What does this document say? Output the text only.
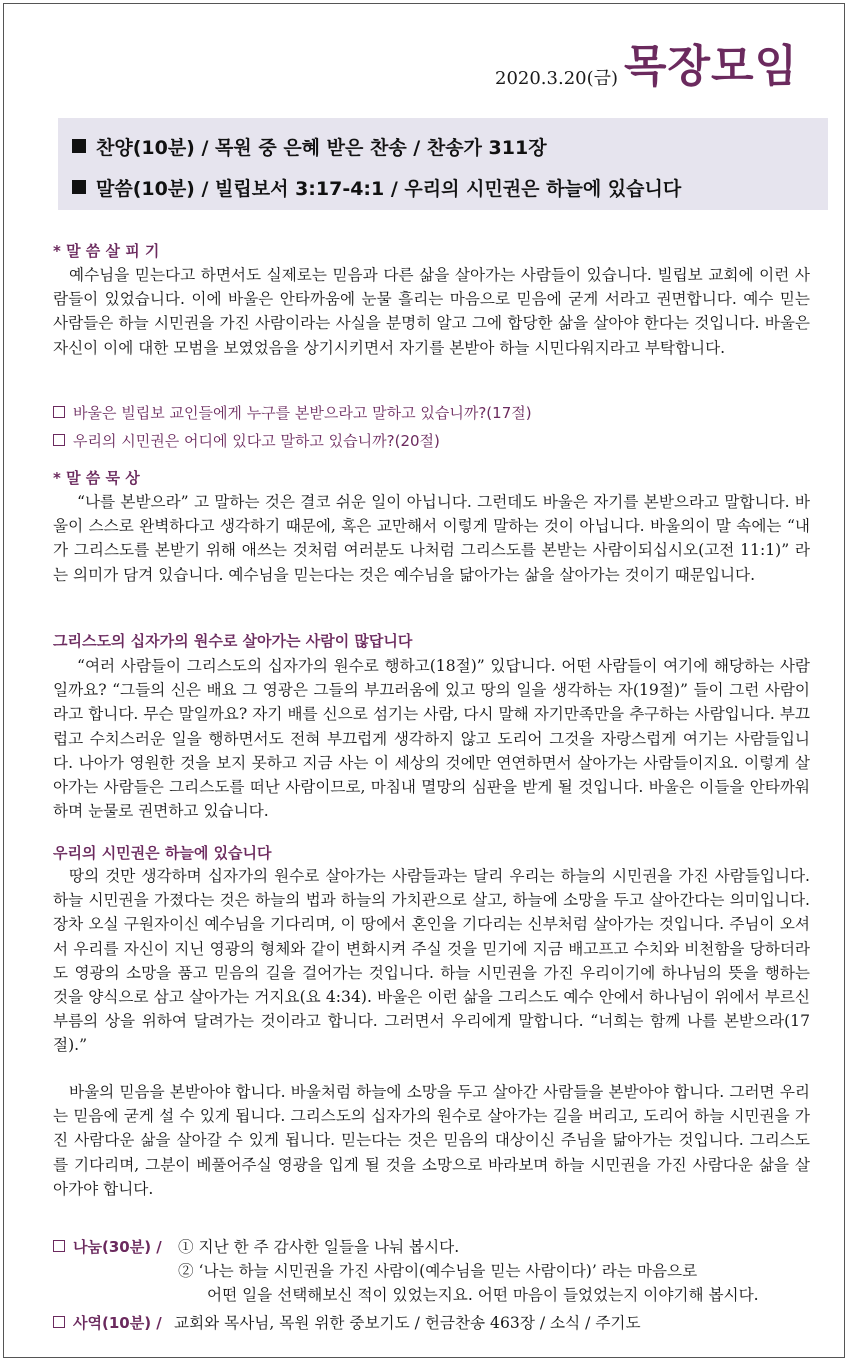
2020.3.20(금) 목장모임
찬양(10분) / 목원 중 은혜 받은 찬송 / 찬송가 311장
말씀(10분) / 빌립보서 3:17-4:1 / 우리의 시민권은 하늘에 있습니다
* 말 씀 살 피 기
예수님을 믿는다고 하면서도 실제로는 믿음과 다른 삶을 살아가는 사람들이 있습니다. 빌립보 교회에 이런 사람들이 있었습니다. 이에 바울은 안타까움에 눈물 흘리는 마음으로 믿음에 굳게 서라고 권면합니다. 예수 믿는 사람들은 하늘 시민권을 가진 사람이라는 사실을 분명히 알고 그에 합당한 삶을 살아야 한다는 것입니다. 바울은 자신이 이에 대한 모범을 보였었음을 상기시키면서 자기를 본받아 하늘 시민다워지라고 부탁합니다.
바울은 빌립보 교인들에게 누구를 본받으라고 말하고 있습니까?(17절)
우리의 시민권은 어디에 있다고 말하고 있습니까?(20절)
* 말 씀 묵 상
“나를 본받으라” 고 말하는 것은 결코 쉬운 일이 아닙니다. 그런데도 바울은 자기를 본받으라고 말합니다. 바울이 스스로 완벽하다고 생각하기 때문에, 혹은 교만해서 이렇게 말하는 것이 아닙니다. 바울의이 말 속에는 “내가 그리스도를 본받기 위해 애쓰는 것처럼 여러분도 나처럼 그리스도를 본받는 사람이되십시오(고전 11:1)” 라는 의미가 담겨 있습니다. 예수님을 믿는다는 것은 예수님을 닮아가는 삶을 살아가는 것이기 때문입니다.
그리스도의 십자가의 원수로 살아가는 사람이 많답니다
“여러 사람들이 그리스도의 십자가의 원수로 행하고(18절)” 있답니다. 어떤 사람들이 여기에 해당하는 사람일까요? “그들의 신은 배요 그 영광은 그들의 부끄러움에 있고 땅의 일을 생각하는 자(19절)” 들이 그런 사람이라고 합니다. 무슨 말일까요? 자기 배를 신으로 섬기는 사람, 다시 말해 자기만족만을 추구하는 사람입니다. 부끄럽고 수치스러운 일을 행하면서도 전혀 부끄럽게 생각하지 않고 도리어 그것을 자랑스럽게 여기는 사람들입니다. 나아가 영원한 것을 보지 못하고 지금 사는 이 세상의 것에만 연연하면서 살아가는 사람들이지요. 이렇게 살아가는 사람들은 그리스도를 떠난 사람이므로, 마침내 멸망의 심판을 받게 될 것입니다. 바울은 이들을 안타까워하며 눈물로 권면하고 있습니다.
우리의 시민권은 하늘에 있습니다
땅의 것만 생각하며 십자가의 원수로 살아가는 사람들과는 달리 우리는 하늘의 시민권을 가진 사람들입니다. 하늘 시민권을 가졌다는 것은 하늘의 법과 하늘의 가치관으로 살고, 하늘에 소망을 두고 살아간다는 의미입니다. 장차 오실 구원자이신 예수님을 기다리며, 이 땅에서 혼인을 기다리는 신부처럼 살아가는 것입니다. 주님이 오셔서 우리를 자신이 지닌 영광의 형체와 같이 변화시켜 주실 것을 믿기에 지금 배고프고 수치와 비천함을 당하더라도 영광의 소망을 품고 믿음의 길을 걸어가는 것입니다. 하늘 시민권을 가진 우리이기에 하나님의 뜻을 행하는 것을 양식으로 삼고 살아가는 거지요(요 4:34). 바울은 이런 삶을 그리스도 예수 안에서 하나님이 위에서 부르신 부름의 상을 위하여 달려가는 것이라고 합니다. 그러면서 우리에게 말합니다. “너희는 함께 나를 본받으라(17절).”
바울의 믿음을 본받아야 합니다. 바울처럼 하늘에 소망을 두고 살아간 사람들을 본받아야 합니다. 그러면 우리는 믿음에 굳게 설 수 있게 됩니다. 그리스도의 십자가의 원수로 살아가는 길을 버리고, 도리어 하늘 시민권을 가진 사람다운 삶을 살아갈 수 있게 됩니다. 믿는다는 것은 믿음의 대상이신 주님을 닮아가는 것입니다. 그리스도를 기다리며, 그분이 베풀어주실 영광을 입게 될 것을 소망으로 바라보며 하늘 시민권을 가진 사람다운 삶을 살아가야 합니다.
나눔(30분) / ① 지난 한 주 감사한 일들을 나눠 봅시다.
② ‘나는 하늘 시민권을 가진 사람이(예수님을 믿는 사람이다)’ 라는 마음으로
어떤 일을 선택해보신 적이 있었는지요. 어떤 마음이 들었었는지 이야기해 봅시다.
사역(10분) / 교회와 목사님, 목원 위한 중보기도 / 헌금찬송 463장 / 소식 / 주기도
